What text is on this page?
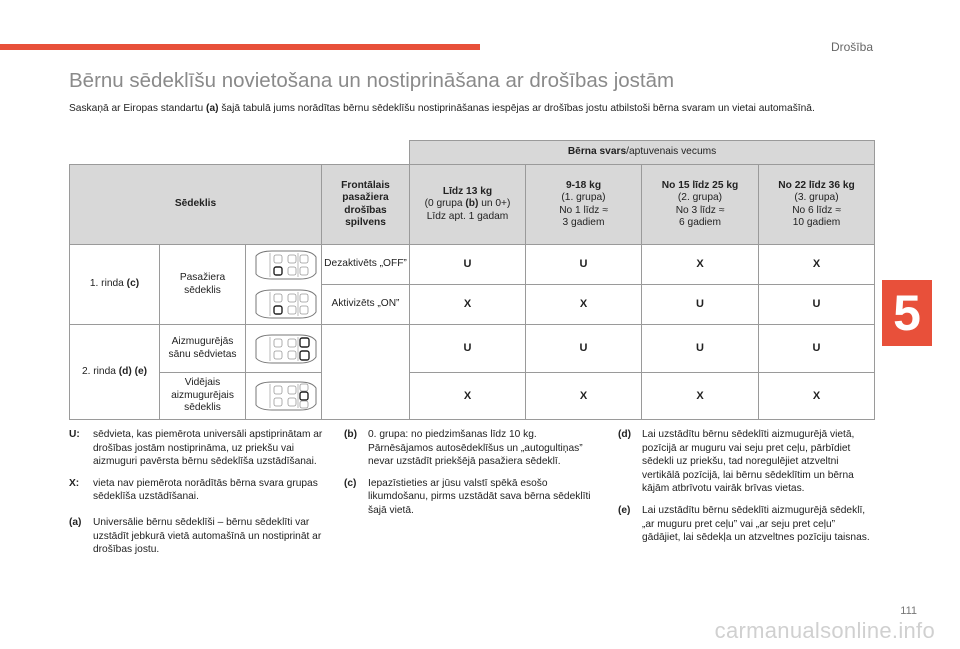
Drošība
Bērnu sēdeklīšu novietošana un nostiprināšana ar drošības jostām
Saskaņā ar Eiropas standartu (a) šajā tabulā jums norādītas bērnu sēdeklīšu nostiprināšanas iespējas ar drošības jostu atbilstoši bērna svaram un vietai automašīnā.
5
				Bērna svars/aptuvenais vecums			
Sēdeklis			Frontālais pasažiera drošības spilvens	Līdz 13 kg
(0 grupa (b) un 0+)
Līdz apt. 1 gadam	9-18 kg
(1. grupa)
No 1 līdz ≈
3 gadiem	No 15 līdz 25 kg
(2. grupa)
No 3 līdz ≈
6 gadiem	No 22 līdz 36 kg
(3. grupa)
No 6 līdz ≈
10 gadiem
1. rinda (c)	Pasažiera sēdeklis		Dezaktivēts „OFF”	U	U	X	X

	Aktivizēts „ON”	X	X	U	U
2. rinda (d) (e)	Aizmugurējās sānu sēdvietas			U	U	U	U
	Vidējais aizmugurējais sēdeklis			X	X	X	X
U:	sēdvieta, kas piemērota universāli apstiprinātam ar drošības jostām nostiprināma, uz priekšu vai aizmuguri pavērsta bērnu sēdeklīša uzstādīšanai.
X:	vieta nav piemērota norādītās bērna svara grupas sēdeklīša uzstādīšanai.
(a)	Universālie bērnu sēdeklīši – bērnu sēdeklīti var uzstādīt jebkurā vietā automašīnā un nostiprināt ar drošības jostu.
(b)	0. grupa: no piedzimšanas līdz 10 kg. Pārnēsājamos autosēdeklīšus un „autogultiņas” nevar uzstādīt priekšējā pasažiera sēdeklī.
(c)	Iepazīstieties ar jūsu valstī spēkā esošo likumdošanu, pirms uzstādāt sava bērna sēdeklīti šajā vietā.
(d)	Lai uzstādītu bērnu sēdeklīti aizmugurējā vietā, pozīcijā ar muguru vai seju pret ceļu, pārbīdiet sēdekli uz priekšu, tad noregulējiet atzveltni vertikālā pozīcijā, lai bērnu sēdeklītim un bērna kājām atbrīvotu vairāk brīvas vietas.
(e)	Lai uzstādītu bērnu sēdeklīti aizmugurējā sēdeklī, „ar muguru pret ceļu” vai „ar seju pret ceļu” gādājiet, lai sēdekļa un atzveltnes pozīciju taisnas.
111
carmanualsonline.info
